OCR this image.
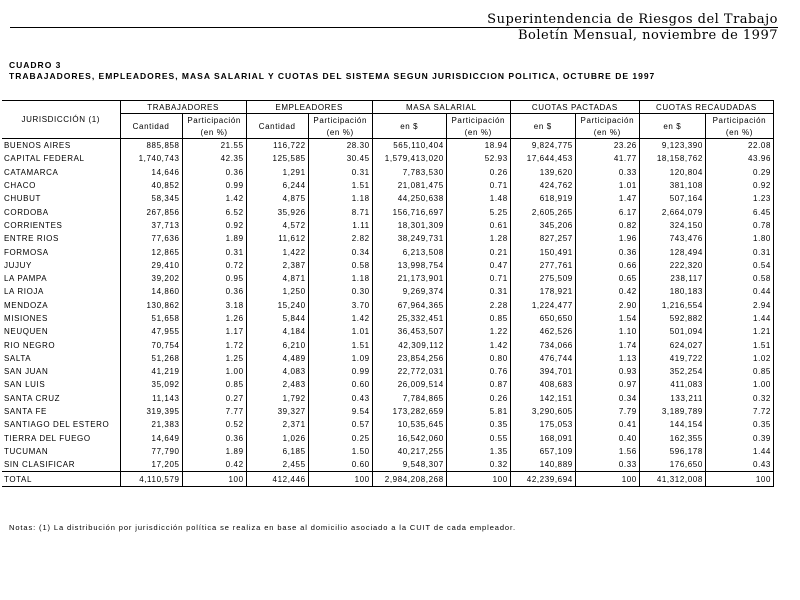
Superintendencia de Riesgos del Trabajo
Boletín Mensual, noviembre de 1997
CUADRO 3
TRABAJADORES, EMPLEADORES, MASA SALARIAL Y CUOTAS DEL SISTEMA SEGUN JURISDICCION POLITICA, OCTUBRE DE 1997
JURISDICCIÓN (1)	TRABAJADORES		EMPLEADORES		MASA SALARIAL		CUOTAS PACTADAS		CUOTAS RECAUDADAS	
	Cantidad	Participación	Cantidad	Participación	en $	Participación	en $	Participación	en $	Participación
		(en %)		(en %)		(en %)		(en %)		(en %)
BUENOS AIRES	885,858	21.55	116,722	28.30	565,110,404	18.94	9,824,775	23.26	9,123,390	22.08
CAPITAL FEDERAL	1,740,743	42.35	125,585	30.45	1,579,413,020	52.93	17,644,453	41.77	18,158,762	43.96
CATAMARCA	14,646	0.36	1,291	0.31	7,783,530	0.26	139,620	0.33	120,804	0.29
CHACO	40,852	0.99	6,244	1.51	21,081,475	0.71	424,762	1.01	381,108	0.92
CHUBUT	58,345	1.42	4,875	1.18	44,250,638	1.48	618,919	1.47	507,164	1.23
CORDOBA	267,856	6.52	35,926	8.71	156,716,697	5.25	2,605,265	6.17	2,664,079	6.45
CORRIENTES	37,713	0.92	4,572	1.11	18,301,309	0.61	345,206	0.82	324,150	0.78
ENTRE RIOS	77,636	1.89	11,612	2.82	38,249,731	1.28	827,257	1.96	743,476	1.80
FORMOSA	12,865	0.31	1,422	0.34	6,213,508	0.21	150,491	0.36	128,494	0.31
JUJUY	29,410	0.72	2,387	0.58	13,998,754	0.47	277,761	0.66	222,320	0.54
LA PAMPA	39,202	0.95	4,871	1.18	21,173,901	0.71	275,509	0.65	238,117	0.58
LA RIOJA	14,860	0.36	1,250	0.30	9,269,374	0.31	178,921	0.42	180,183	0.44
MENDOZA	130,862	3.18	15,240	3.70	67,964,365	2.28	1,224,477	2.90	1,216,554	2.94
MISIONES	51,658	1.26	5,844	1.42	25,332,451	0.85	650,650	1.54	592,882	1.44
NEUQUEN	47,955	1.17	4,184	1.01	36,453,507	1.22	462,526	1.10	501,094	1.21
RIO NEGRO	70,754	1.72	6,210	1.51	42,309,112	1.42	734,066	1.74	624,027	1.51
SALTA	51,268	1.25	4,489	1.09	23,854,256	0.80	476,744	1.13	419,722	1.02
SAN JUAN	41,219	1.00	4,083	0.99	22,772,031	0.76	394,701	0.93	352,254	0.85
SAN LUIS	35,092	0.85	2,483	0.60	26,009,514	0.87	408,683	0.97	411,083	1.00
SANTA CRUZ	11,143	0.27	1,792	0.43	7,784,865	0.26	142,151	0.34	133,211	0.32
SANTA FE	319,395	7.77	39,327	9.54	173,282,659	5.81	3,290,605	7.79	3,189,789	7.72
SANTIAGO DEL ESTERO	21,383	0.52	2,371	0.57	10,535,645	0.35	175,053	0.41	144,154	0.35
TIERRA DEL FUEGO	14,649	0.36	1,026	0.25	16,542,060	0.55	168,091	0.40	162,355	0.39
TUCUMAN	77,790	1.89	6,185	1.50	40,217,255	1.35	657,109	1.56	596,178	1.44
SIN CLASIFICAR	17,205	0.42	2,455	0.60	9,548,307	0.32	140,889	0.33	176,650	0.43
TOTAL	4,110,579	100	412,446	100	2,984,208,268	100	42,239,694	100	41,312,008	100
Notas: (1) La distribución por jurisdicción política se realiza en base al domicilio asociado a la CUIT de cada empleador.
